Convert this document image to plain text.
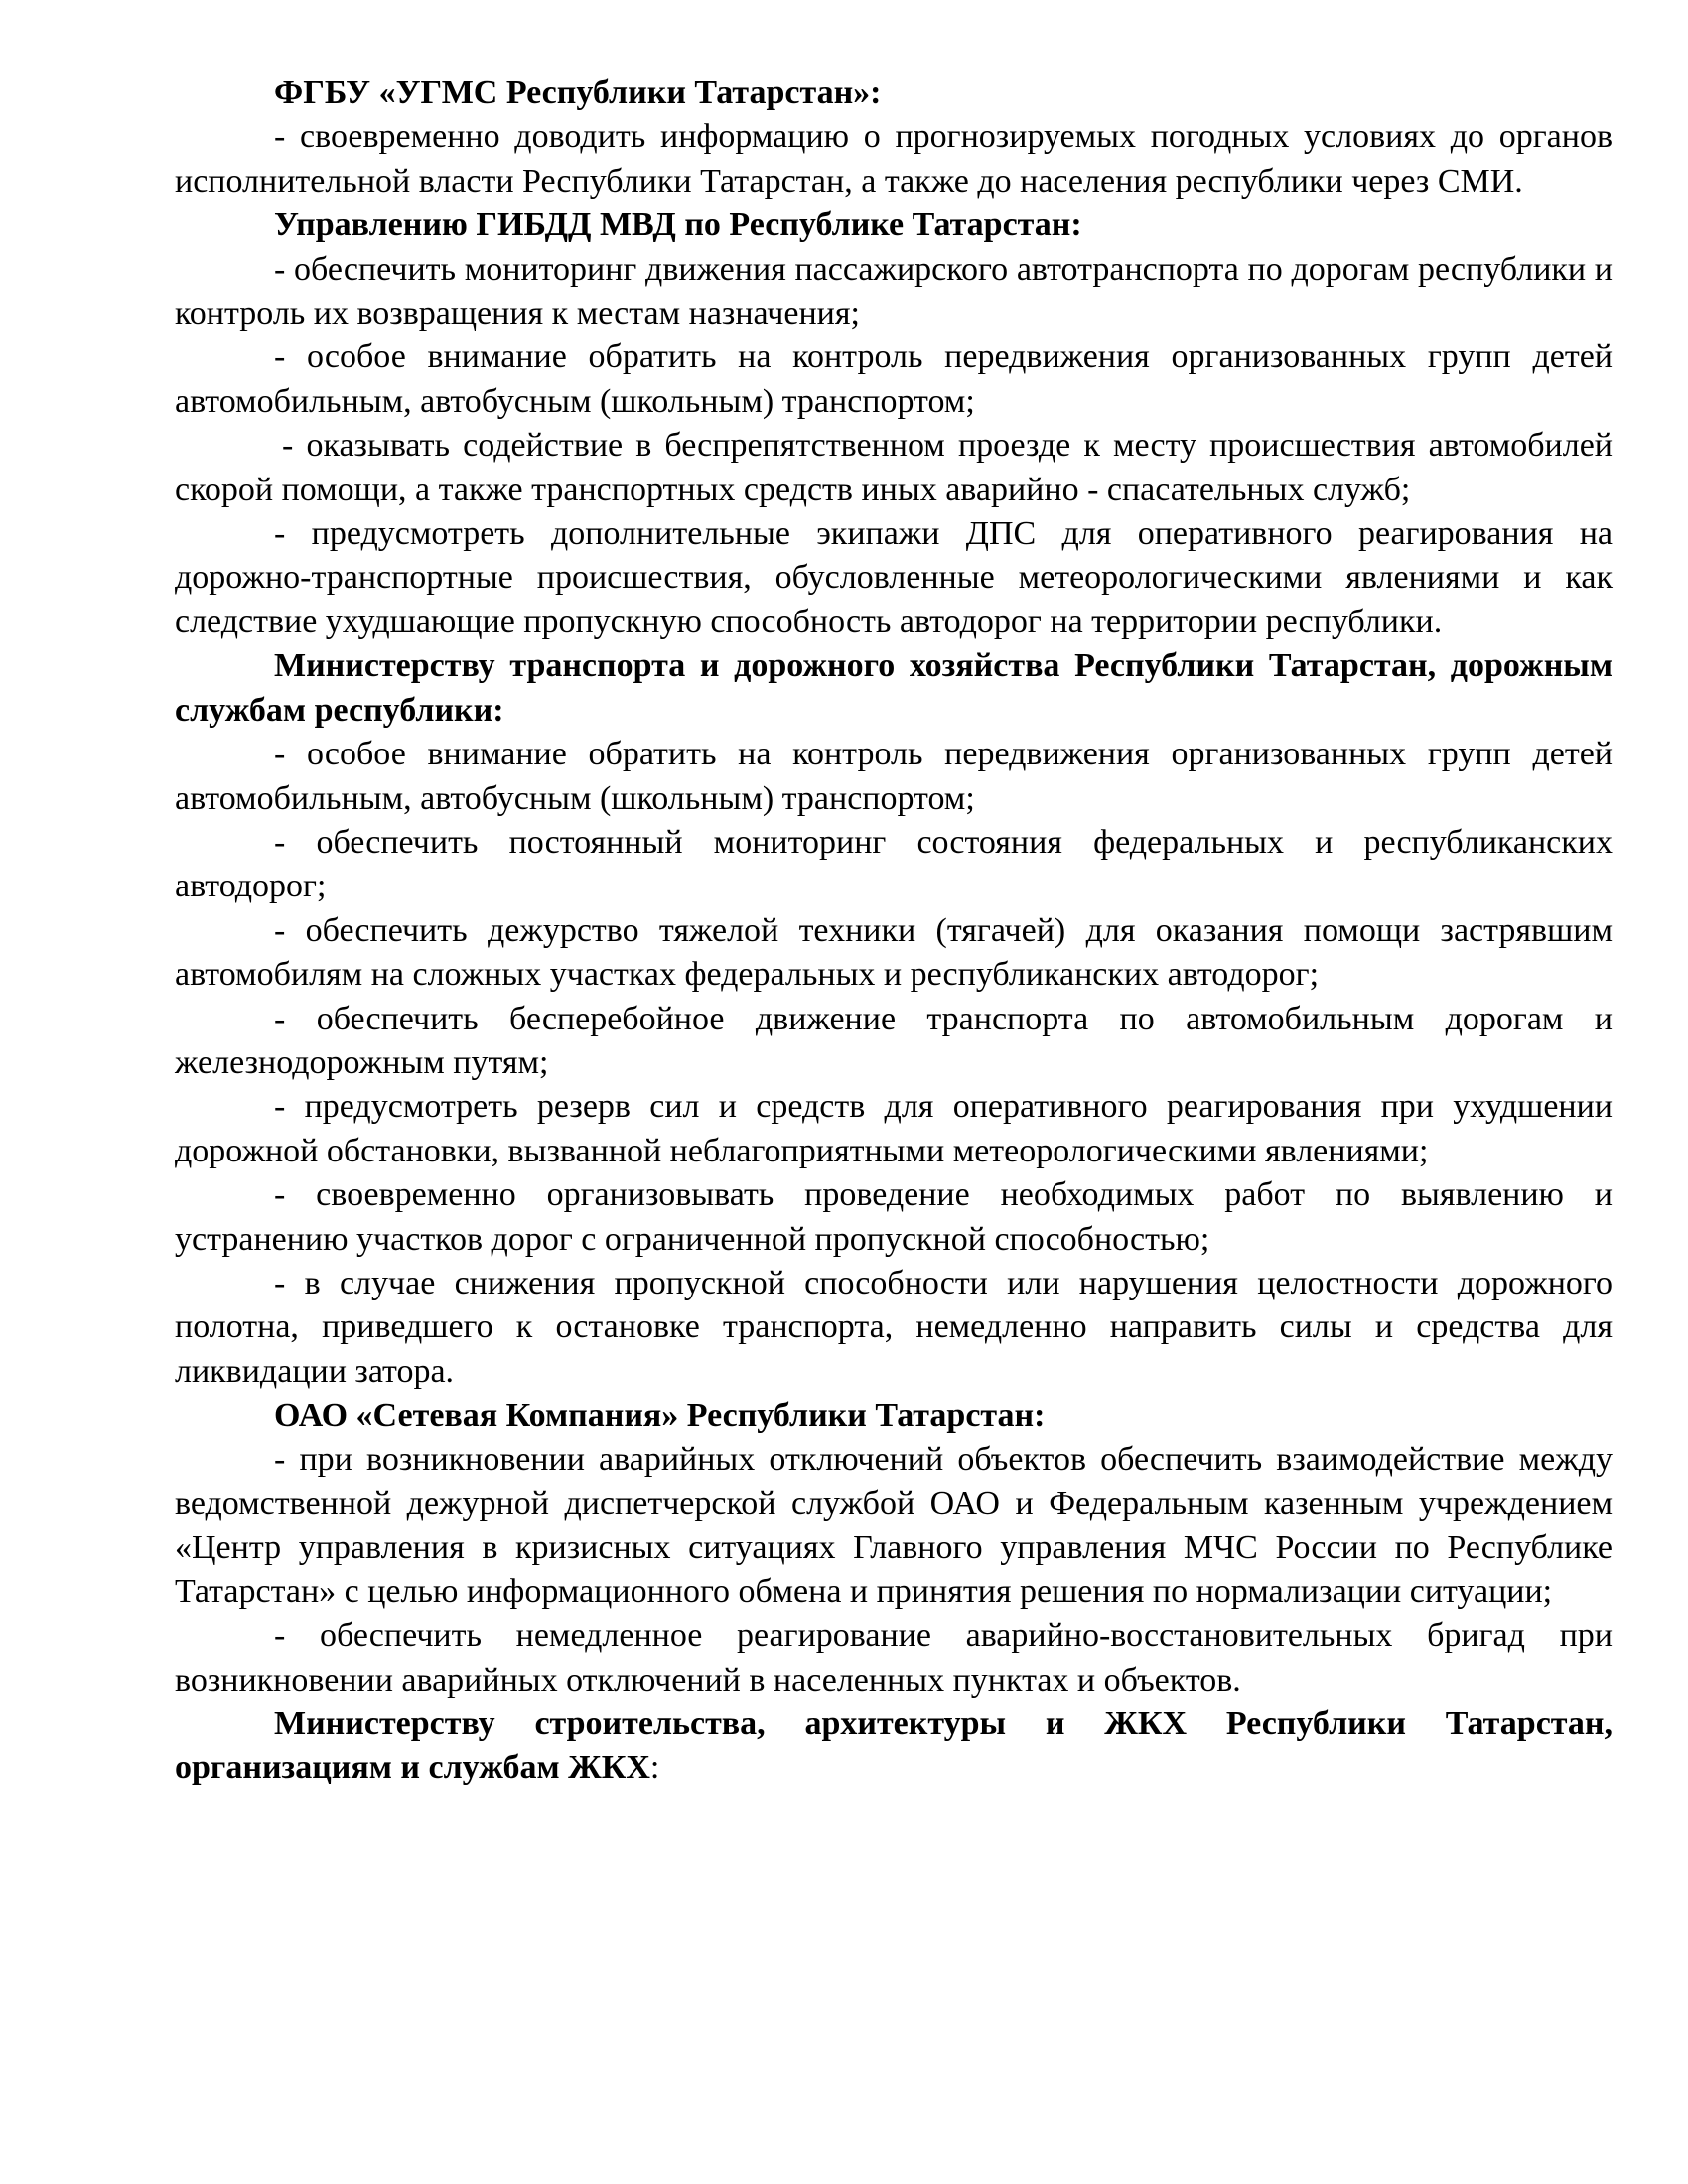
ФГБУ «УГМС Республики Татарстан»:

- своевременно доводить информацию о прогнозируемых погодных условиях до органов исполнительной власти Республики Татарстан, а также до населения республики через СМИ.

Управлению ГИБДД МВД по Республике Татарстан:

- обеспечить мониторинг движения пассажирского автотранспорта по дорогам республики и контроль их возвращения к местам назначения;

- особое внимание обратить на контроль передвижения организованных групп детей автомобильным, автобусным (школьным) транспортом;

- оказывать содействие в беспрепятственном проезде к месту происшествия автомобилей скорой помощи, а также транспортных средств иных аварийно - спасательных служб;

- предусмотреть дополнительные экипажи ДПС для оперативного реагирования на дорожно-транспортные происшествия, обусловленные метеорологическими явлениями и как следствие ухудшающие пропускную способность автодорог на территории республики.

Министерству транспорта и дорожного хозяйства Республики Татарстан, дорожным службам республики:

- особое внимание обратить на контроль передвижения организованных групп детей автомобильным, автобусным (школьным) транспортом;

- обеспечить постоянный мониторинг состояния федеральных и республиканских автодорог;

- обеспечить дежурство тяжелой техники (тягачей) для оказания помощи застрявшим автомобилям на сложных участках федеральных и республиканских автодорог;

- обеспечить бесперебойное движение транспорта по автомобильным дорогам и железнодорожным путям;

- предусмотреть резерв сил и средств для оперативного реагирования при ухудшении дорожной обстановки, вызванной неблагоприятными метеорологическими явлениями;

- своевременно организовывать проведение необходимых работ по выявлению и устранению участков дорог с ограниченной пропускной способностью;

- в случае снижения пропускной способности или нарушения целостности дорожного полотна, приведшего к остановке транспорта, немедленно направить силы и средства для ликвидации затора.

ОАО «Сетевая Компания» Республики Татарстан:

- при возникновении аварийных отключений объектов обеспечить взаимодействие между ведомственной дежурной диспетчерской службой ОАО и Федеральным казенным учреждением «Центр управления в кризисных ситуациях Главного управления МЧС России по Республике Татарстан» с целью информационного обмена и принятия решения по нормализации ситуации;

- обеспечить немедленное реагирование аварийно-восстановительных бригад при возникновении аварийных отключений в населенных пунктах и объектов.

Министерству строительства, архитектуры и ЖКХ Республики Татарстан, организациям и службам ЖКХ:
